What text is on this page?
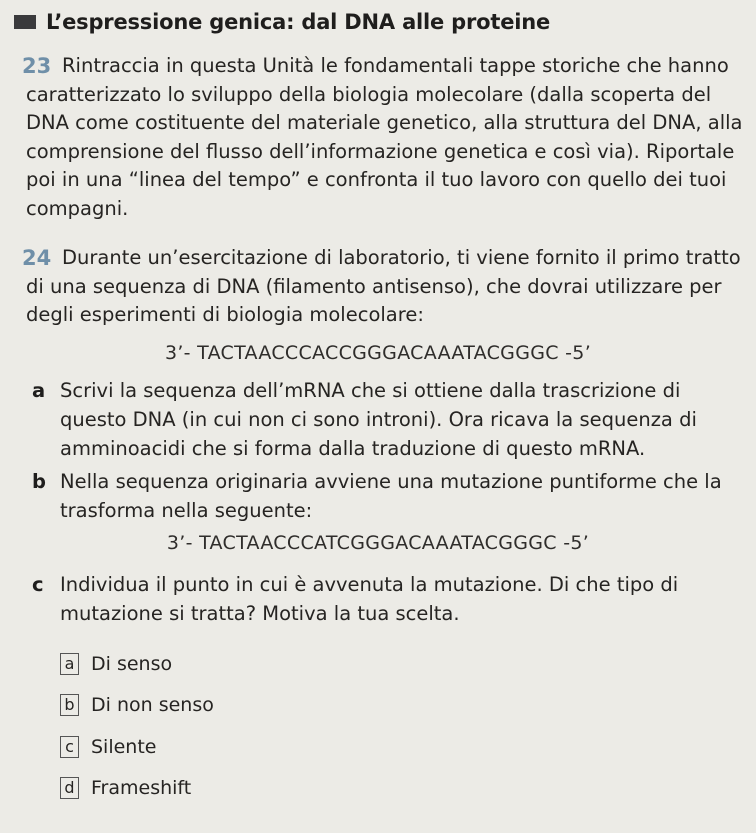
L’espressione genica: dal DNA alle proteine
23 Rintraccia in questa Unità le fondamentali tappe storiche che hanno caratterizzato lo sviluppo della biologia molecolare (dalla scoperta del DNA come costituente del materiale genetico, alla struttura del DNA, alla comprensione del flusso dell’informazione genetica e così via). Riportale poi in una “linea del tempo” e confronta il tuo lavoro con quello dei tuoi compagni.

24 Durante un’esercitazione di laboratorio, ti viene fornito il primo tratto di una sequenza di DNA (filamento antisenso), che dovrai utilizzare per degli esperimenti di biologia molecolare:

3’- TACTAACCCACCGGGACAAATACGGGC -5’
a Scrivi la sequenza dell’mRNA che si ottiene dalla trascrizione di questo DNA (in cui non ci sono introni). Ora ricava la sequenza di amminoacidi che si forma dalla traduzione di questo mRNA.
b Nella sequenza originaria avviene una mutazione puntiforme che la trasforma nella seguente:
3’- TACTAACCCATCGGGACAAATACGGGC -5’
c Individua il punto in cui è avvenuta la mutazione. Di che tipo di mutazione si tratta? Motiva la tua scelta.
a Di senso
b Di non senso
c Silente
d Frameshift
